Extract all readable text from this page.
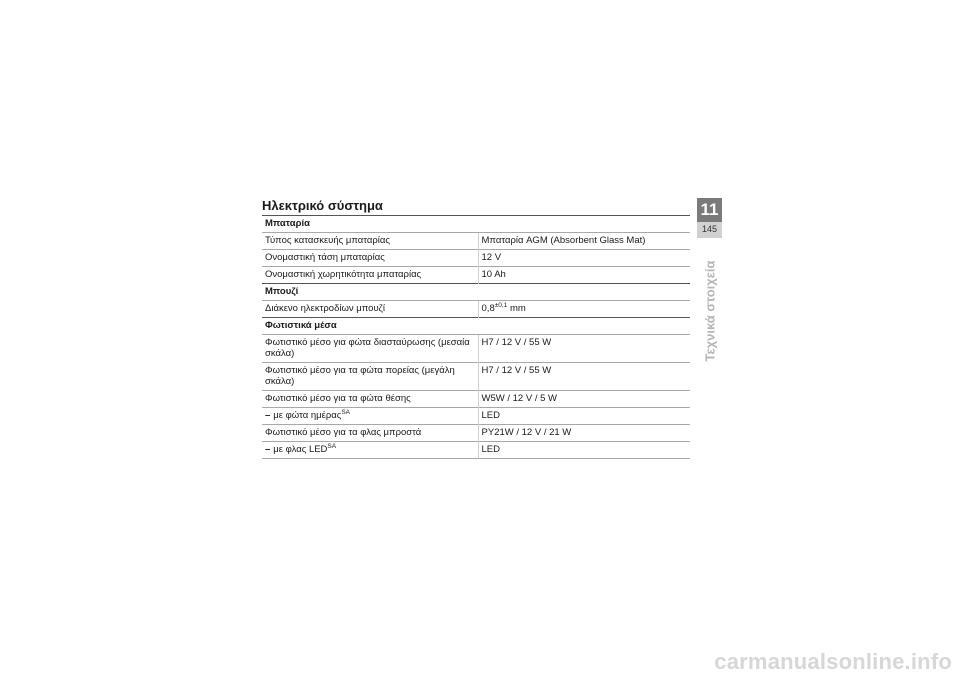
Ηλεκτρικό σύστημα
Μπαταρία	
Τύπος κατασκευής μπαταρίας	Μπαταρία AGM (Absorbent Glass Mat)
Ονομαστική τάση μπαταρίας	12 V
Ονομαστική χωρητικότητα μπαταρίας	10 Ah
Μπουζί	
Διάκενο ηλεκτροδίων μπουζί	$0,8^{\pm 0,1}$ mm
Φωτιστικά μέσα	
Φωτιστικό μέσο για φώτα διασταύρωσης (μεσαία σκάλα)	H7 / 12 V / 55 W
Φωτιστικό μέσο για τα φώτα πορείας (μεγάλη σκάλα)	H7 / 12 V / 55 W
Φωτιστικό μέσο για τα φώτα θέσης	W5W / 12 V / 5 W
– με φώτα ημέρας$^{SA}$	LED
Φωτιστικό μέσο για τα φλας μπροστά	PY21W / 12 V / 21 W
– με φλας $LED^{SA}$	LED
11
145
Τεχνικά στοιχεία
carmanualsonline.info
